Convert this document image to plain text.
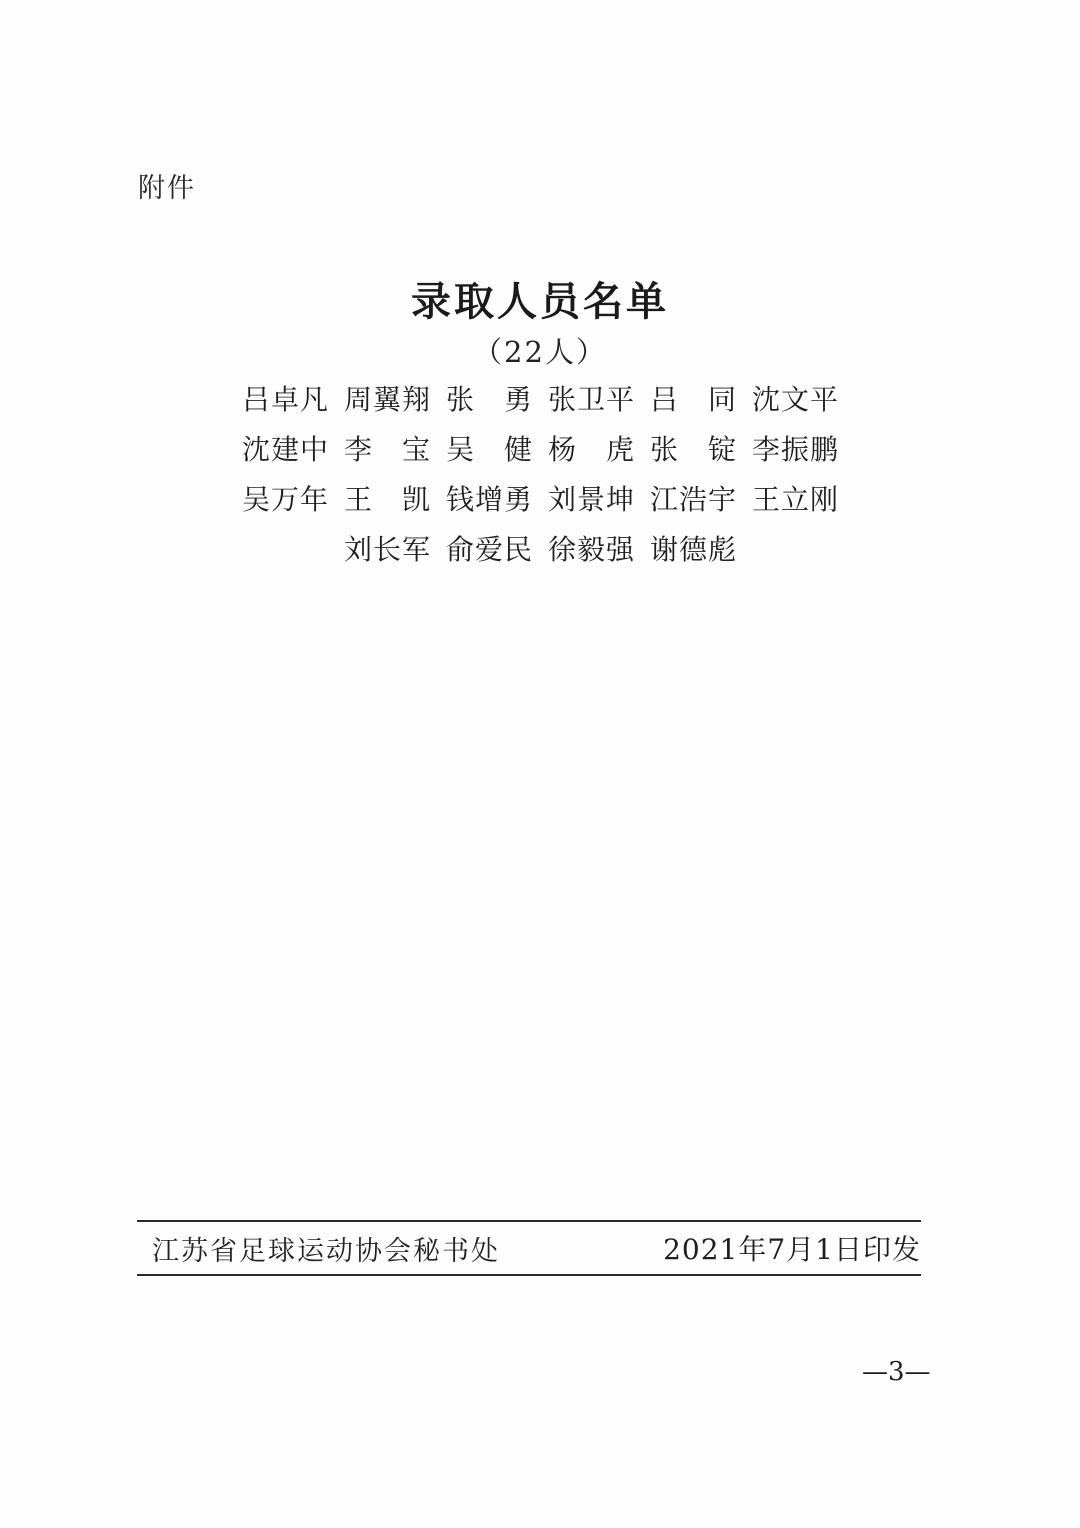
附件
录取人员名单
（22人）
吕卓凡 周翼翔 张　勇 张卫平 吕　同 沈文平
沈建中 李　宝 吴　健 杨　虎 张　锭 李振鹏
吴万年 王　凯 钱增勇 刘景坤 江浩宇 王立刚
刘长军 俞爱民 徐毅强 谢德彪
江苏省足球运动协会秘书处	2021年7月1日印发
—3—
